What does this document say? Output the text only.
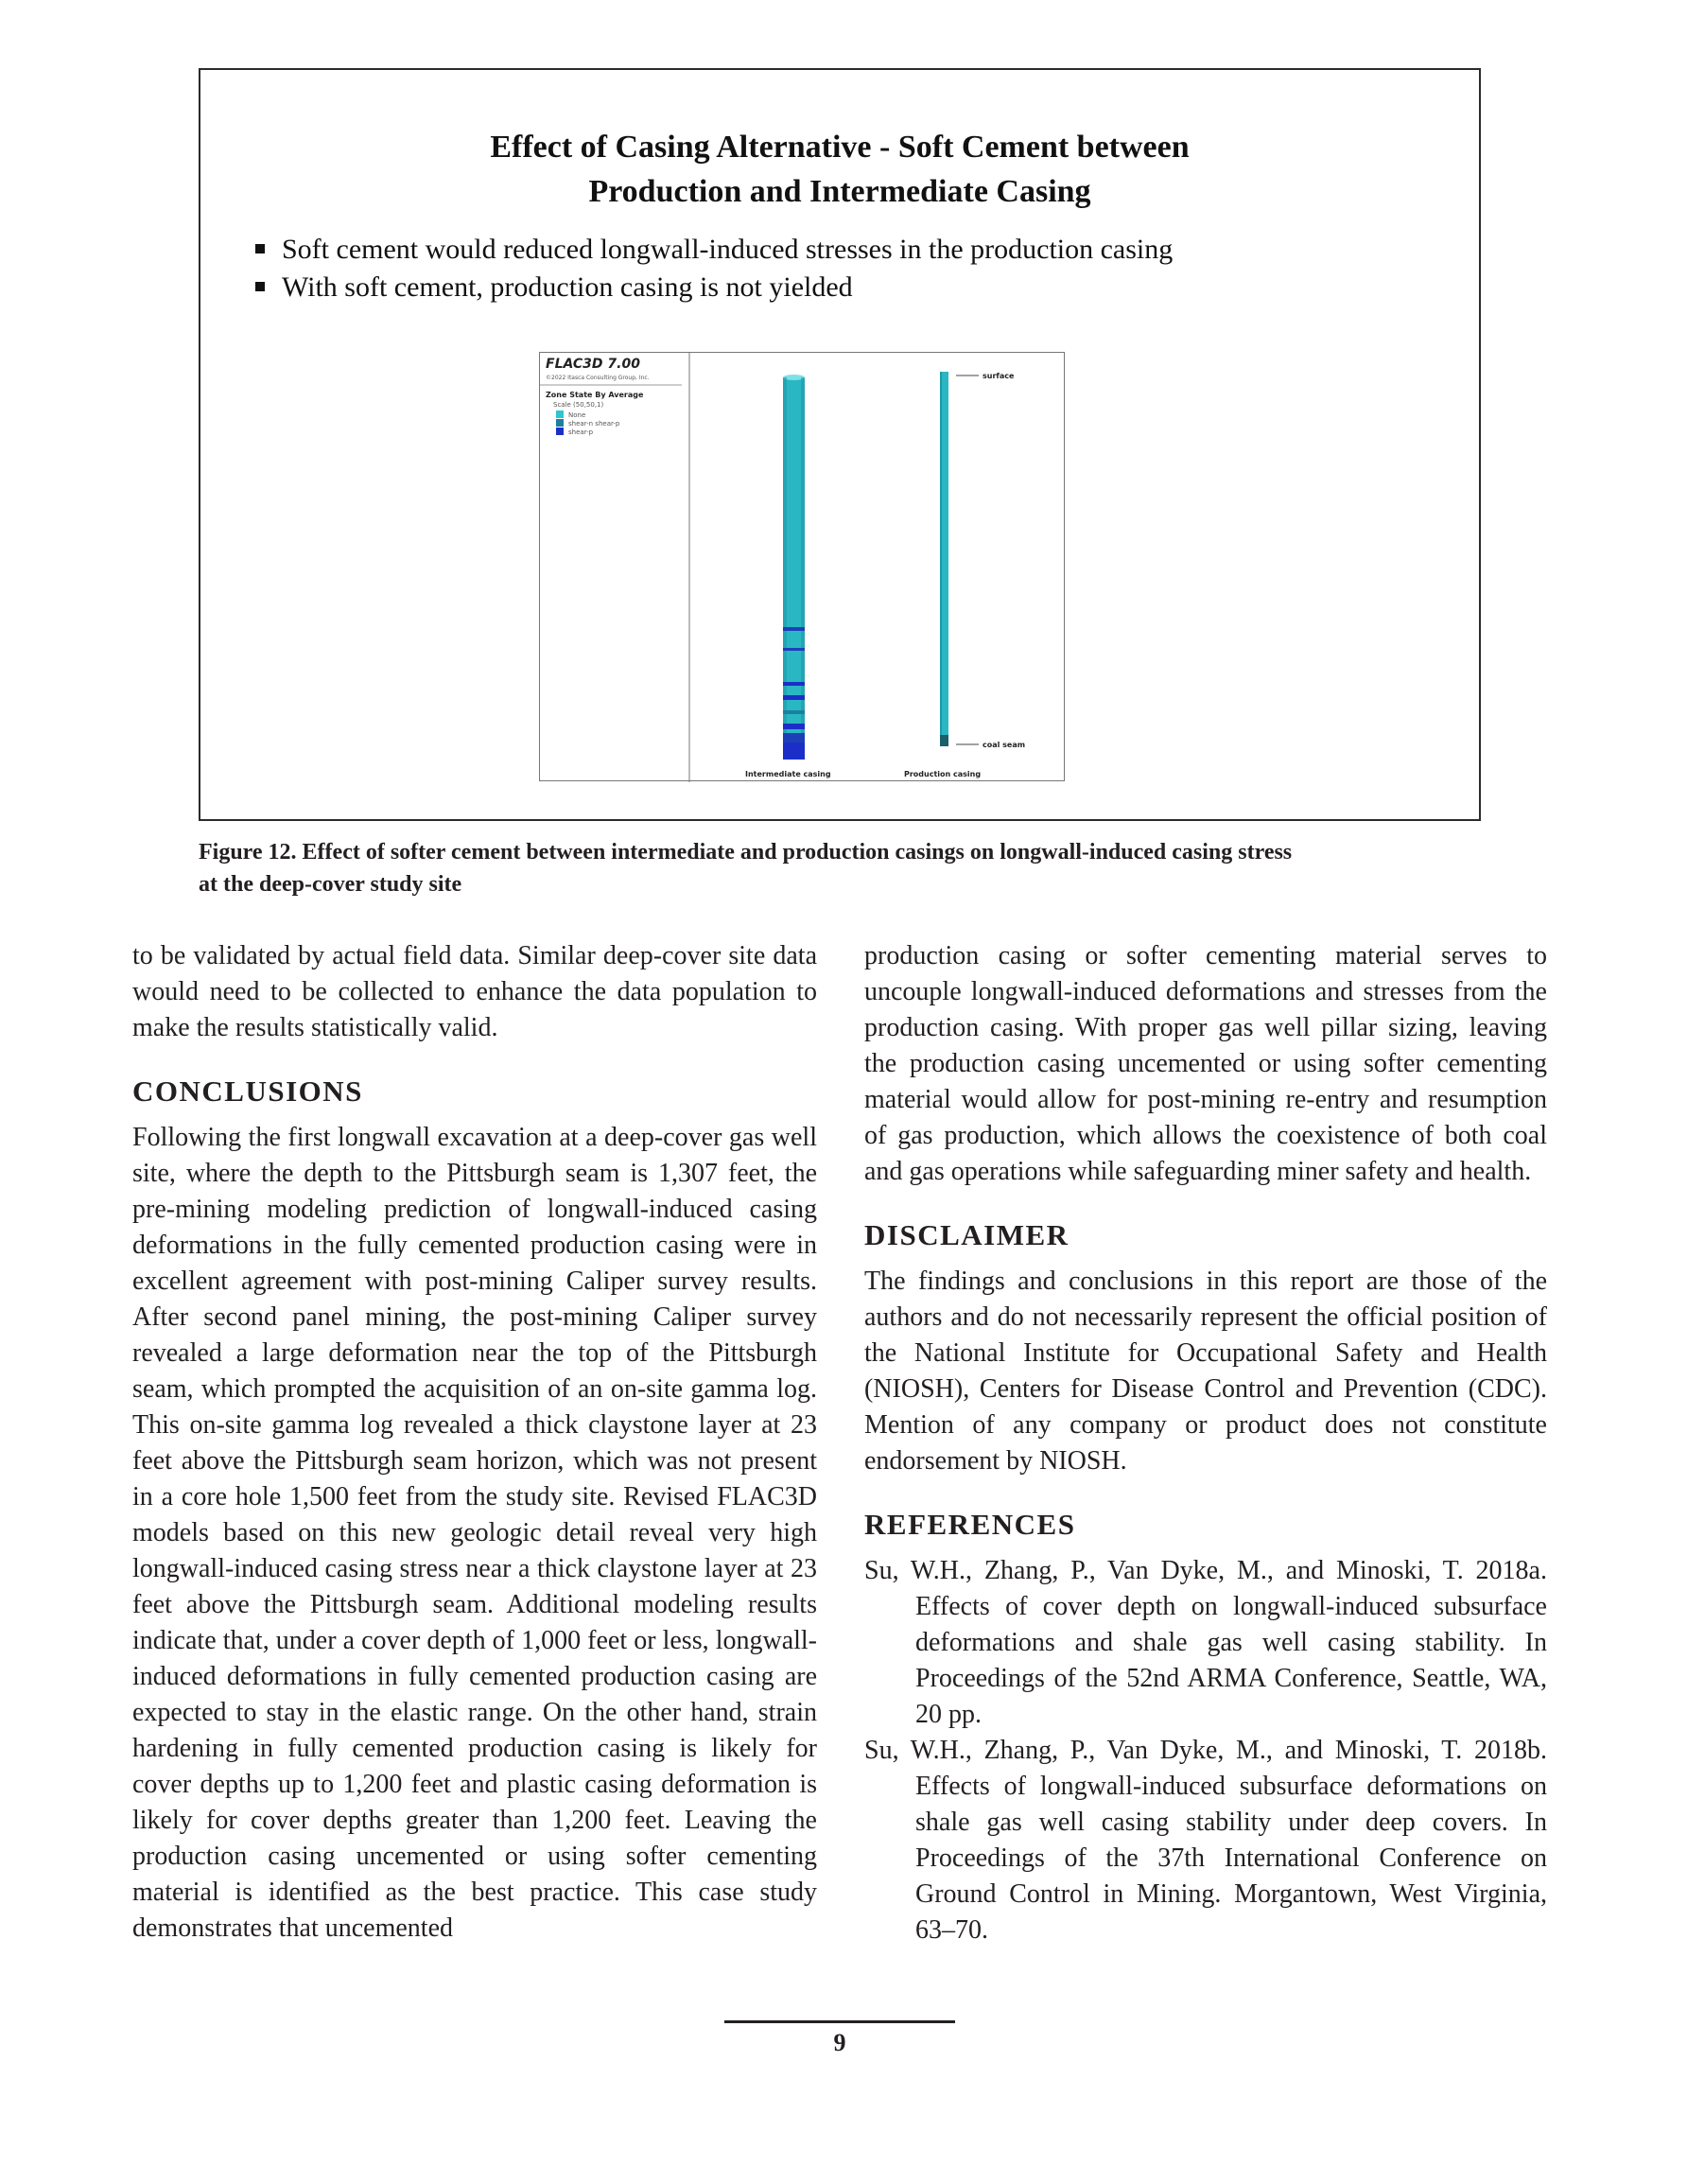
Effect of Casing Alternative - Soft Cement between
Production and Intermediate Casing
Soft cement would reduced longwall-induced stresses in the production casing
With soft cement, production casing is not yielded
FLAC3D 7.00
©2022 Itasca Consulting Group, Inc.
Zone State By Average
Scale (50,50,1)
None
shear-n shear-p
shear-p
surface
coal seam
Intermediate casing	Production casing
Figure 12. Effect of softer cement between intermediate and production casings on longwall-induced casing stress
at the deep-cover study site

to be validated by actual field data. Similar deep-cover site data would need to be collected to enhance the data population to make the results statistically valid.

CONCLUSIONS

Following the first longwall excavation at a deep-cover gas well site, where the depth to the Pittsburgh seam is 1,307 feet, the pre-mining modeling prediction of longwall-induced casing deformations in the fully cemented production casing were in excellent agreement with post-mining Caliper survey results. After second panel mining, the post-mining Caliper survey revealed a large deformation near the top of the Pittsburgh seam, which prompted the acquisition of an on-site gamma log. This on-site gamma log revealed a thick claystone layer at 23 feet above the Pittsburgh seam horizon, which was not present in a core hole 1,500 feet from the study site. Revised FLAC3D models based on this new geologic detail reveal very high longwall-induced casing stress near a thick claystone layer at 23 feet above the Pittsburgh seam. Additional modeling results indicate that, under a cover depth of 1,000 feet or less, longwall-induced deformations in fully cemented production casing are expected to stay in the elastic range. On the other hand, strain hardening in fully cemented production casing is likely for cover depths up to 1,200 feet and plastic casing deformation is likely for cover depths greater than 1,200 feet. Leaving the production casing uncemented or using softer cementing material is identified as the best practice. This case study demonstrates that uncemented

production casing or softer cementing material serves to uncouple longwall-induced deformations and stresses from the production casing. With proper gas well pillar sizing, leaving the production casing uncemented or using softer cementing material would allow for post-mining re-entry and resumption of gas production, which allows the coexistence of both coal and gas operations while safeguarding miner safety and health.

DISCLAIMER

The findings and conclusions in this report are those of the authors and do not necessarily represent the official position of the National Institute for Occupational Safety and Health (NIOSH), Centers for Disease Control and Prevention (CDC). Mention of any company or product does not constitute endorsement by NIOSH.

REFERENCES

Su, W.H., Zhang, P., Van Dyke, M., and Minoski, T. 2018a. Effects of cover depth on longwall-induced subsurface deformations and shale gas well casing stability. In Proceedings of the 52nd ARMA Conference, Seattle, WA, 20 pp.

Su, W.H., Zhang, P., Van Dyke, M., and Minoski, T. 2018b. Effects of longwall-induced subsurface deformations on shale gas well casing stability under deep covers. In Proceedings of the 37th International Conference on Ground Control in Mining. Morgantown, West Virginia, 63–70.

9
